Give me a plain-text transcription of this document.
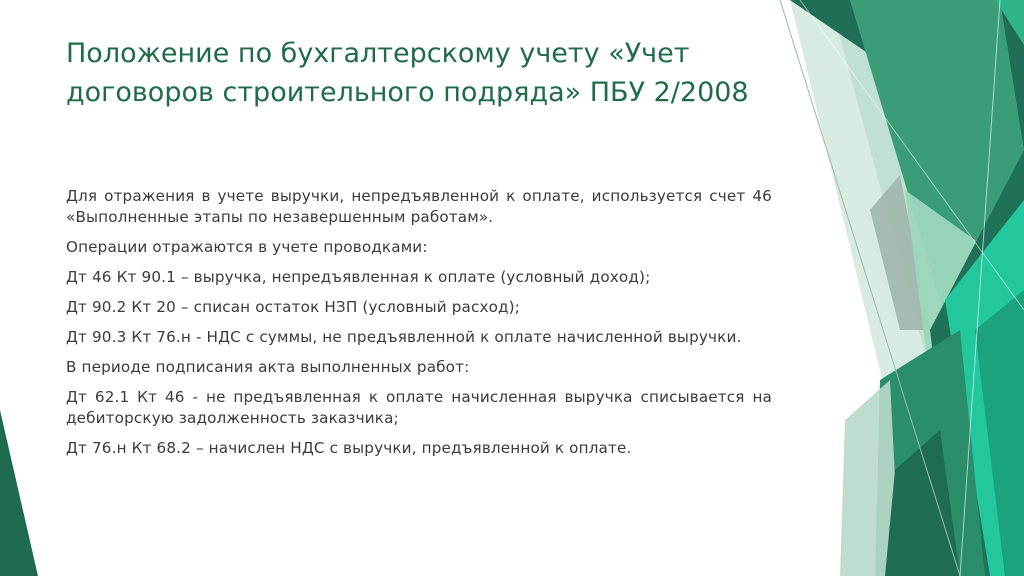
Положение по бухгалтерскому учету «Учет договоров строительного подряда» ПБУ 2/2008

Для отражения в учете выручки, непредъявленной к оплате, используется счет 46 «Выполненные этапы по незавершенным работам».

Операции отражаются в учете проводками:

Дт 46 Кт 90.1 – выручка, непредъявленная к оплате (условный доход);

Дт 90.2 Кт 20 – списан остаток НЗП (условный расход);

Дт 90.3 Кт 76.н - НДС с суммы, не предъявленной к оплате начисленной выручки.

В периоде подписания акта выполненных работ:

Дт 62.1 Кт 46 - не предъявленная к оплате начисленная выручка списывается на дебиторскую задолженность заказчика;

Дт 76.н Кт 68.2 – начислен НДС с выручки, предъявленной к оплате.
